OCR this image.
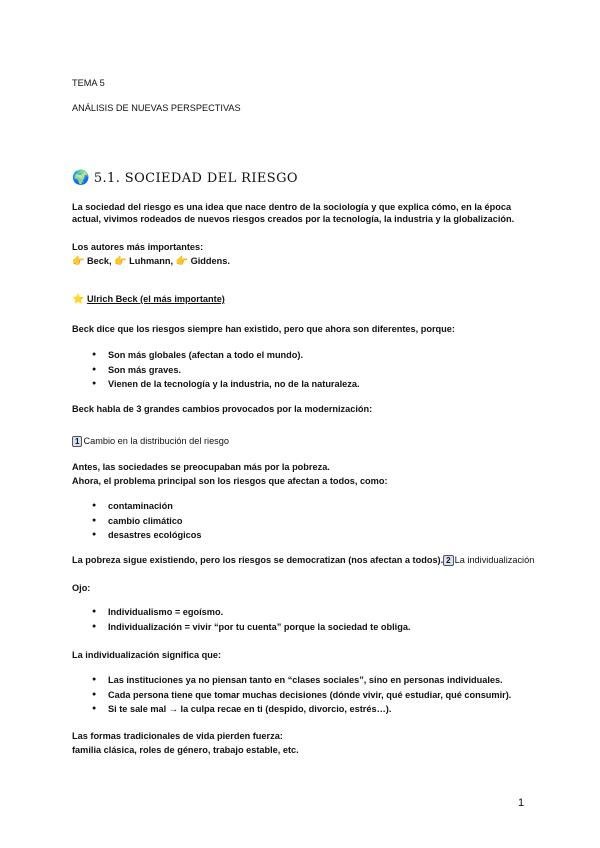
TEMA 5
ANÁLISIS DE NUEVAS PERSPECTIVAS
🌍 5.1. SOCIEDAD DEL RIESGO
La sociedad del riesgo es una idea que nace dentro de la sociología y que explica cómo, en la época actual, vivimos rodeados de nuevos riesgos creados por la tecnología, la industria y la globalización.
Los autores más importantes:
👉 Beck, 👉 Luhmann, 👉 Giddens.
⭐ Ulrich Beck (el más importante)
Beck dice que los riesgos siempre han existido, pero que ahora son diferentes, porque:
● Son más globales (afectan a todo el mundo).
● Son más graves.
● Vienen de la tecnología y la industria, no de la naturaleza.
Beck habla de 3 grandes cambios provocados por la modernización:
1 Cambio en la distribución del riesgo
Antes, las sociedades se preocupaban más por la pobreza.
Ahora, el problema principal son los riesgos que afectan a todos, como:
● contaminación
● cambio climático
● desastres ecológicos
La pobreza sigue existiendo, pero los riesgos se democratizan (nos afectan a todos). 2 La individualización
Ojo:
● Individualismo = egoísmo.
● Individualización = vivir “por tu cuenta” porque la sociedad te obliga.
La individualización significa que:
● Las instituciones ya no piensan tanto en “clases sociales”, sino en personas individuales.
● Cada persona tiene que tomar muchas decisiones (dónde vivir, qué estudiar, qué consumir).
● Si te sale mal → la culpa recae en ti (despido, divorcio, estrés…).
Las formas tradicionales de vida pierden fuerza:
familia clásica, roles de género, trabajo estable, etc.
1
